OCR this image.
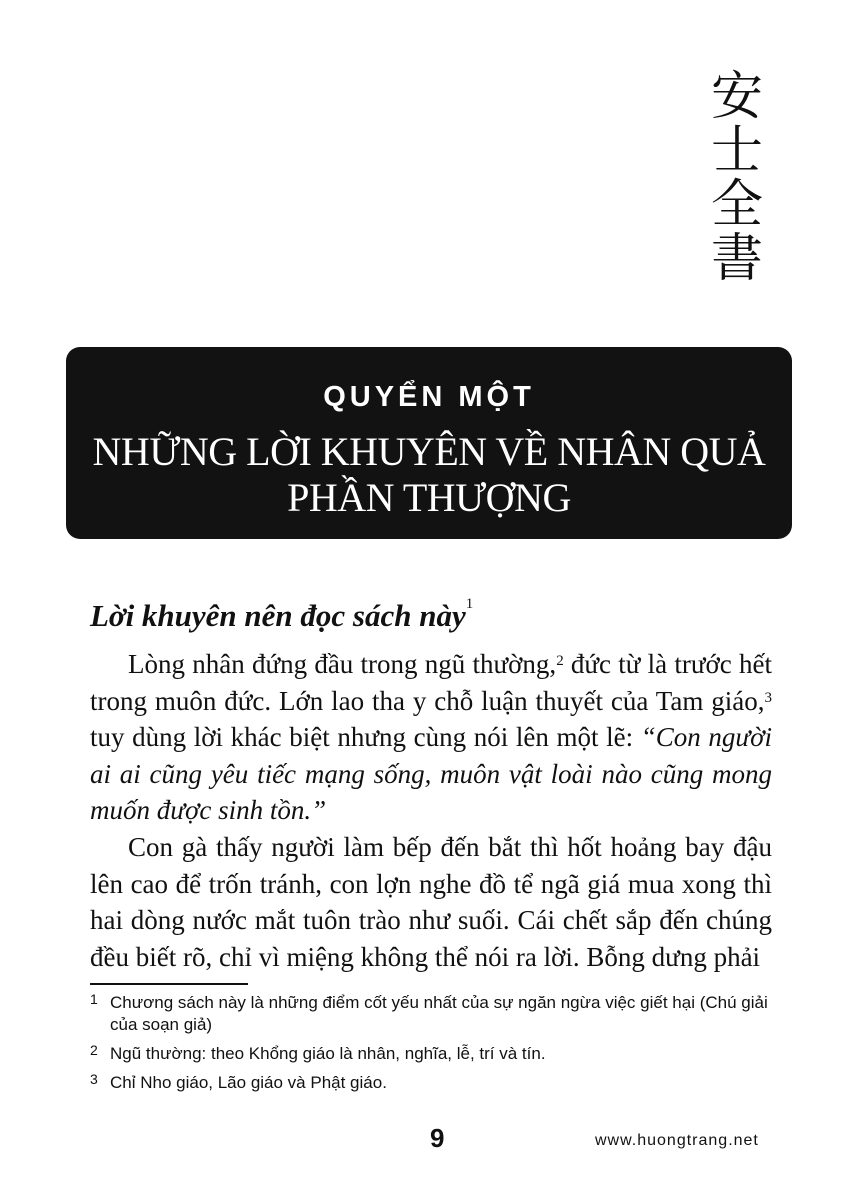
安
士
全
書
QUYỂN MỘT
NHỮNG LỜI KHUYÊN VỀ NHÂN QUẢ
PHẦN THƯỢNG
Lời khuyên nên đọc sách này$^1$

Lòng nhân đứng đầu trong ngũ thường,$^2$ đức từ là trước hết trong muôn đức. Lớn lao tha y chỗ luận thuyết của Tam giáo,$^3$ tuy dùng lời khác biệt nhưng cùng nói lên một lẽ: “Con người ai ai cũng yêu tiếc mạng sống, muôn vật loài nào cũng mong muốn được sinh tồn.”

Con gà thấy người làm bếp đến bắt thì hốt hoảng bay đậu lên cao để trốn tránh, con lợn nghe đồ tể ngã giá mua xong thì hai dòng nước mắt tuôn trào như suối. Cái chết sắp đến chúng đều biết rõ, chỉ vì miệng không thể nói ra lời. Bỗng dưng phải

1 Chương sách này là những điểm cốt yếu nhất của sự ngăn ngừa việc giết hại (Chú giải của soạn giả)
2 Ngũ thường: theo Khổng giáo là nhân, nghĩa, lễ, trí và tín.
3 Chỉ Nho giáo, Lão giáo và Phật giáo.
9	www.huongtrang.net
